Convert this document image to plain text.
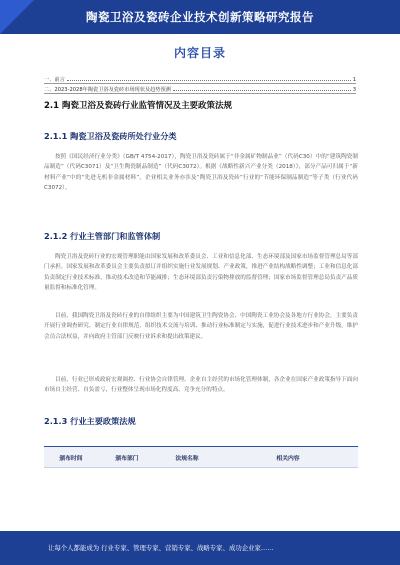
陶瓷卫浴及瓷砖企业技术创新策略研究报告
内容目录
一、前言	1
二、2023-2028年陶瓷卫浴及瓷砖市场现状及趋势预测	3
2.1 陶瓷卫浴及瓷砖行业监管情况及主要政策法规
2.1.1 陶瓷卫浴及瓷砖所处行业分类
按照《国民经济行业分类》（GB/T 4754-2017），陶瓷卫浴及瓷砖属于“非金属矿物制品业”（代码C30）中的“建筑陶瓷制品制造”（代码C3071）及“卫生陶瓷制品制造”（代码C3072）。根据《战略性新兴产业分类（2018）》，部分产品可归属于“新材料产业”中的“先进无机非金属材料”，企业相关业务亦涉及“陶瓷卫浴及瓷砖”行业的“节能环保制品制造”等子类（行业代码C3072）。
2.1.2 行业主管部门和监管体制
陶瓷卫浴及瓷砖行业的宏观管理职能由国家发展和改革委员会、工业和信息化部、生态环境部及国家市场监督管理总局等部门承担。国家发展和改革委员会主要负责拟订并组织实施行业发展规划、产业政策，推进产业结构战略性调整；工业和信息化部负责制定行业技术标准、推动技术改造和节能减排；生态环境部负责污染物排放的监督管理；国家市场监督管理总局负责产品质量监督和标准化管理。
目前，我国陶瓷卫浴及瓷砖行业的自律组织主要为中国建筑卫生陶瓷协会、中国陶瓷工业协会及各地方行业协会，主要负责开展行业调查研究、制定行业自律规范、组织技术交流与培训、推动行业标准制定与实施，促进行业技术进步和产业升级，维护会员合法权益，并向政府主管部门反映行业诉求和提出政策建议。
目前，行业已形成政府宏观调控、行业协会自律管理、企业自主经营的市场化管理体制，各企业在国家产业政策指导下面向市场自主经营、自负盈亏，行业整体呈现市场化程度高、竞争充分的特点。
2.1.3 行业主要政策法规
颁布时间	颁布部门	法规名称	相关内容
让每个人都能成为 行业专家、管理专家、营销专家、战略专家、成功企业家……
